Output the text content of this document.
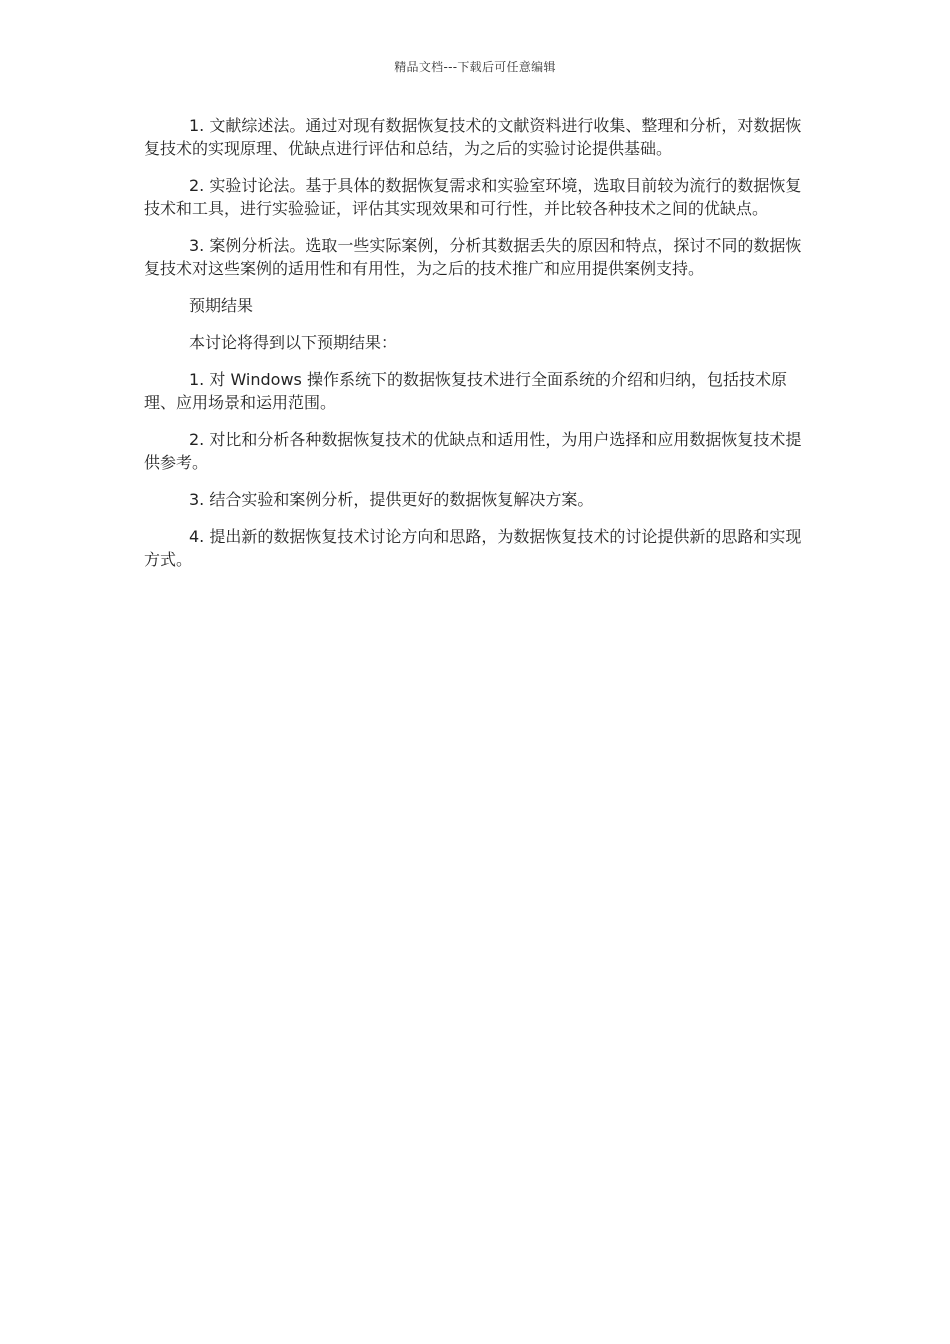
精品文档---下载后可任意编辑

1. 文献综述法。通过对现有数据恢复技术的文献资料进行收集、整理和分析，对数据恢复技术的实现原理、优缺点进行评估和总结，为之后的实验讨论提供基础。

2. 实验讨论法。基于具体的数据恢复需求和实验室环境，选取目前较为流行的数据恢复技术和工具，进行实验验证，评估其实现效果和可行性，并比较各种技术之间的优缺点。

3. 案例分析法。选取一些实际案例，分析其数据丢失的原因和特点，探讨不同的数据恢复技术对这些案例的适用性和有用性，为之后的技术推广和应用提供案例支持。

预期结果

本讨论将得到以下预期结果：

1. 对 Windows 操作系统下的数据恢复技术进行全面系统的介绍和归纳，包括技术原理、应用场景和运用范围。

2. 对比和分析各种数据恢复技术的优缺点和适用性，为用户选择和应用数据恢复技术提供参考。

3. 结合实验和案例分析，提供更好的数据恢复解决方案。

4. 提出新的数据恢复技术讨论方向和思路，为数据恢复技术的讨论提供新的思路和实现方式。
